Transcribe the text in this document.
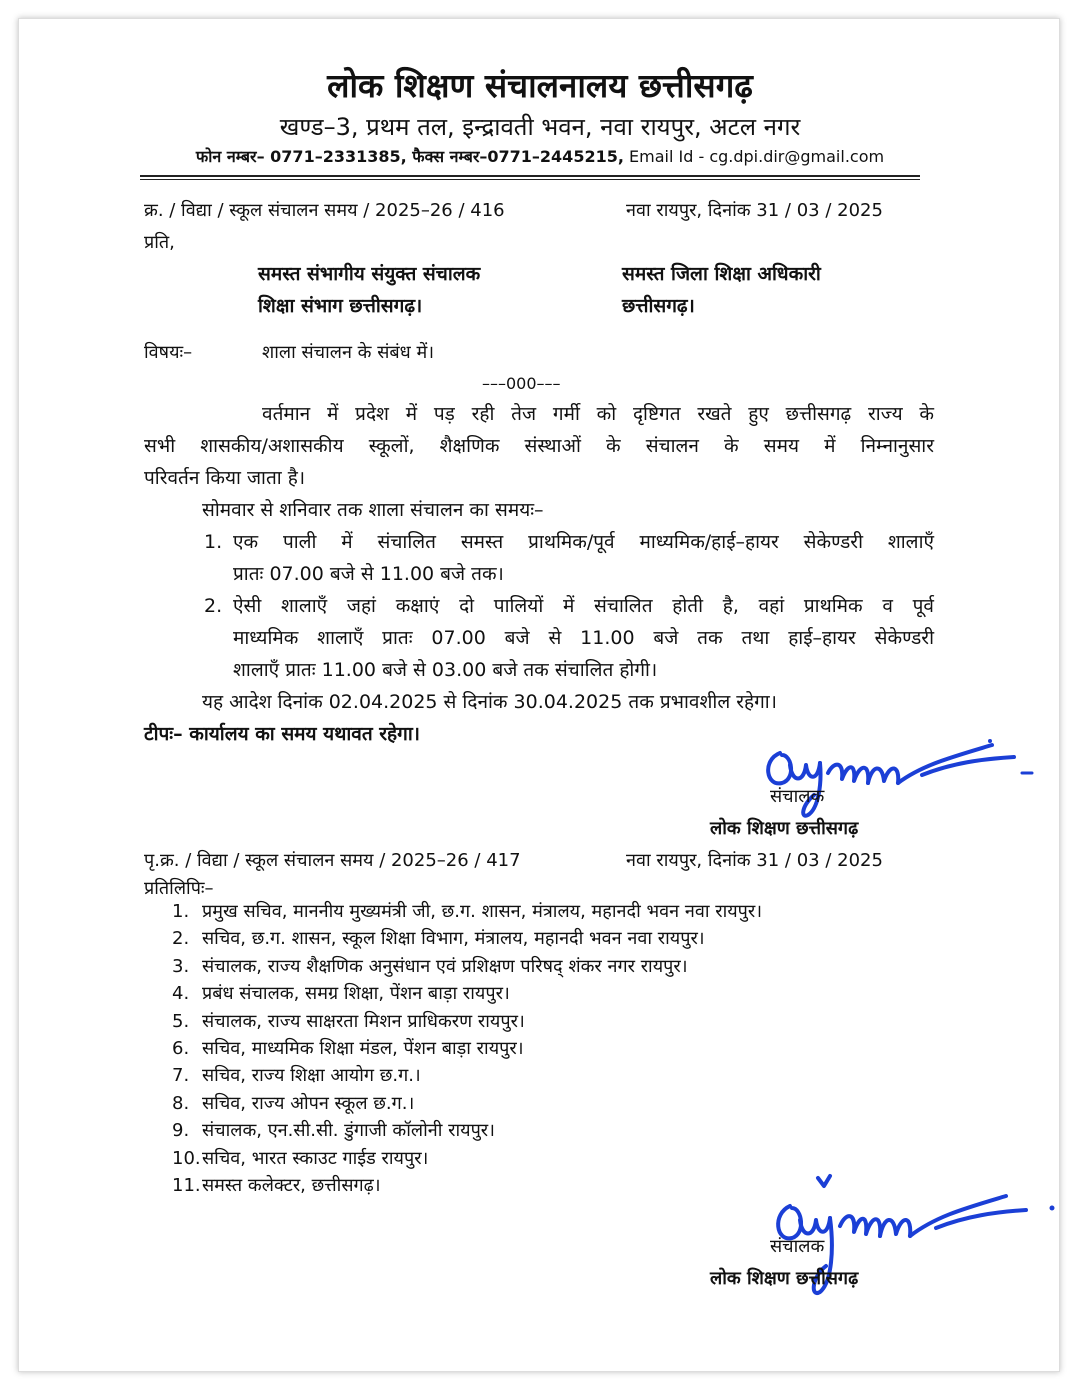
लोक शिक्षण संचालनालय छत्तीसगढ़
खण्ड–3, प्रथम तल, इन्द्रावती भवन, नवा रायपुर, अटल नगर
फोन नम्बर– 0771–2331385, फैक्स नम्बर–0771–2445215, Email Id - cg.dpi.dir@gmail.com
क्र. / विद्या / स्कूल संचालन समय / 2025–26 / 416	नवा रायपुर, दिनांक 31 / 03 / 2025
प्रति,
समस्त संभागीय संयुक्त संचालक
शिक्षा संभाग छत्तीसगढ़।
समस्त जिला शिक्षा अधिकारी
छत्तीसगढ़।
विषयः–	शाला संचालन के संबंध में।
–––000–––
वर्तमान में प्रदेश में पड़ रही तेज गर्मी को दृष्टिगत रखते हुए छत्तीसगढ़ राज्य के
सभी शासकीय/अशासकीय स्कूलों, शैक्षणिक संस्थाओं के संचालन के समय में निम्नानुसार
परिवर्तन किया जाता है।
सोमवार से शनिवार तक शाला संचालन का समयः–
1. एक पाली में संचालित समस्त प्राथमिक/पूर्व माध्यमिक/हाई–हायर सेकेण्डरी शालाएँ
प्रातः 07.00 बजे से 11.00 बजे तक।
2. ऐसी शालाएँ जहां कक्षाएं दो पालियों में संचालित होती है, वहां प्राथमिक व पूर्व
माध्यमिक शालाएँ प्रातः 07.00 बजे से 11.00 बजे तक तथा हाई–हायर सेकेण्डरी
शालाएँ प्रातः 11.00 बजे से 03.00 बजे तक संचालित होगी।
यह आदेश दिनांक 02.04.2025 से दिनांक 30.04.2025 तक प्रभावशील रहेगा।
टीपः– कार्यालय का समय यथावत रहेगा।
संचालक
लोक शिक्षण छत्तीसगढ़
पृ.क्र. / विद्या / स्कूल संचालन समय / 2025–26 / 417	नवा रायपुर, दिनांक 31 / 03 / 2025
प्रतिलिपिः–
1. प्रमुख सचिव, माननीय मुख्यमंत्री जी, छ.ग. शासन, मंत्रालय, महानदी भवन नवा रायपुर।
2. सचिव, छ.ग. शासन, स्कूल शिक्षा विभाग, मंत्रालय, महानदी भवन नवा रायपुर।
3. संचालक, राज्य शैक्षणिक अनुसंधान एवं प्रशिक्षण परिषद् शंकर नगर रायपुर।
4. प्रबंध संचालक, समग्र शिक्षा, पेंशन बाड़ा रायपुर।
5. संचालक, राज्य साक्षरता मिशन प्राधिकरण रायपुर।
6. सचिव, माध्यमिक शिक्षा मंडल, पेंशन बाड़ा रायपुर।
7. सचिव, राज्य शिक्षा आयोग छ.ग.।
8. सचिव, राज्य ओपन स्कूल छ.ग.।
9. संचालक, एन.सी.सी. डुंगाजी कॉलोनी रायपुर।
10.सचिव, भारत स्काउट गाईड रायपुर।
11.समस्त कलेक्टर, छत्तीसगढ़।
संचालक
लोक शिक्षण छत्तीसगढ़
